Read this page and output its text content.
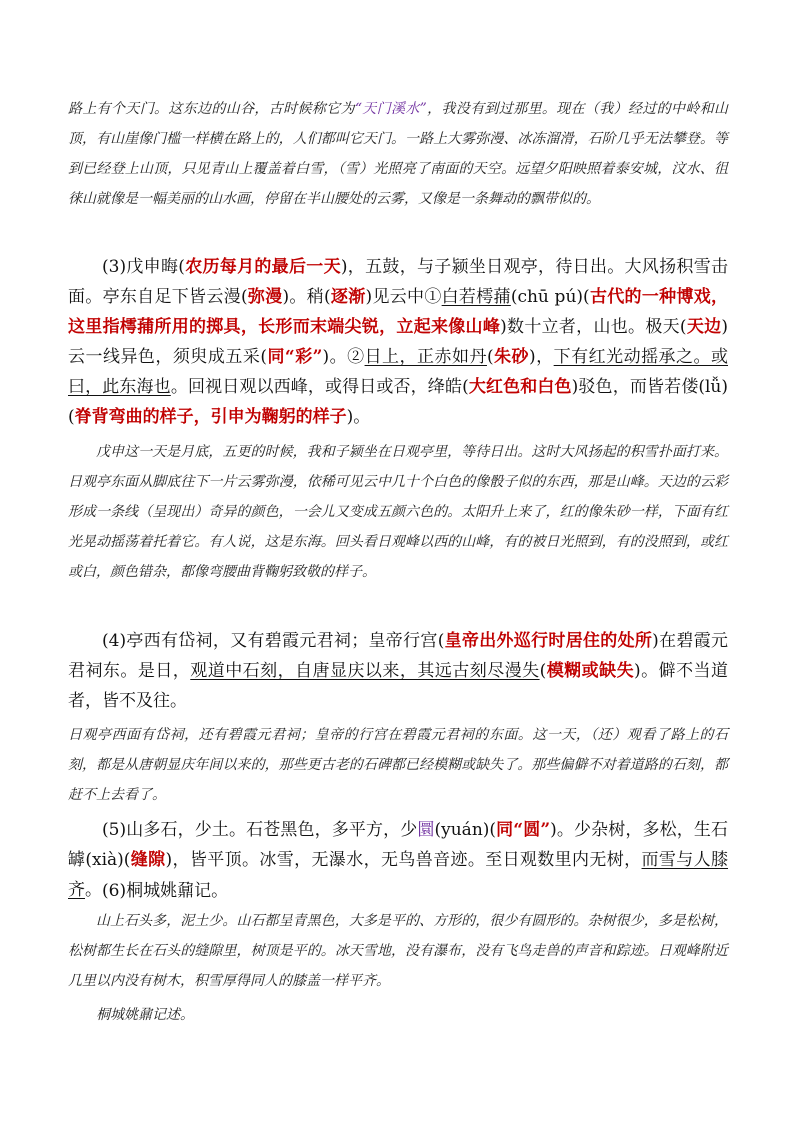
路上有个天门。这东边的山谷，古时候称它为“天门溪水”，我没有到过那里。现在（我）经过的中岭和山顶，有山崖像门槛一样横在路上的，人们都叫它天门。一路上大雾弥漫、冰冻溜滑，石阶几乎无法攀登。等到已经登上山顶，只见青山上覆盖着白雪，（雪）光照亮了南面的天空。远望夕阳映照着泰安城，汶水、徂徕山就像是一幅美丽的山水画，停留在半山腰处的云雾，又像是一条舞动的飘带似的。

(3)戊申晦(农历每月的最后一天)，五鼓，与子颍坐日观亭，待日出。大风扬积雪击面。亭东自足下皆云漫(弥漫)。稍(逐渐)见云中①白若樗蒱(chū pú)(古代的一种博戏，这里指樗蒱所用的掷具，长形而末端尖锐，立起来像山峰)数十立者，山也。极天(天边)云一线异色，须臾成五采(同“彩”)。②日上，正赤如丹(朱砂)，下有红光动摇承之。或曰，此东海也。回视日观以西峰，或得日或否，绛皓(大红色和白色)驳色，而皆若偻(lǚ)(脊背弯曲的样子，引申为鞠躬的样子)。

戊申这一天是月底，五更的时候，我和子颍坐在日观亭里，等待日出。这时大风扬起的积雪扑面打来。日观亭东面从脚底往下一片云雾弥漫，依稀可见云中几十个白色的像骰子似的东西，那是山峰。天边的云彩形成一条线（呈现出）奇异的颜色，一会儿又变成五颜六色的。太阳升上来了，红的像朱砂一样，下面有红光晃动摇荡着托着它。有人说，这是东海。回头看日观峰以西的山峰，有的被日光照到，有的没照到，或红或白，颜色错杂，都像弯腰曲背鞠躬致敬的样子。

(4)亭西有岱祠，又有碧霞元君祠；皇帝行宫(皇帝出外巡行时居住的处所)在碧霞元君祠东。是日，观道中石刻，自唐显庆以来，其远古刻尽漫失(模糊或缺失)。僻不当道者，皆不及往。

日观亭西面有岱祠，还有碧霞元君祠；皇帝的行宫在碧霞元君祠的东面。这一天，（还）观看了路上的石刻，都是从唐朝显庆年间以来的，那些更古老的石碑都已经模糊或缺失了。那些偏僻不对着道路的石刻，都赶不上去看了。

(5)山多石，少土。石苍黑色，多平方，少圜(yuán)(同“圆”)。少杂树，多松，生石罅(xià)(缝隙)，皆平顶。冰雪，无瀑水，无鸟兽音迹。至日观数里内无树，而雪与人膝齐。 (6)桐城姚鼐记。

山上石头多，泥土少。山石都呈青黑色，大多是平的、方形的，很少有圆形的。杂树很少，多是松树，松树都生长在石头的缝隙里，树顶是平的。冰天雪地，没有瀑布，没有飞鸟走兽的声音和踪迹。日观峰附近几里以内没有树木，积雪厚得同人的膝盖一样平齐。

桐城姚鼐记述。
